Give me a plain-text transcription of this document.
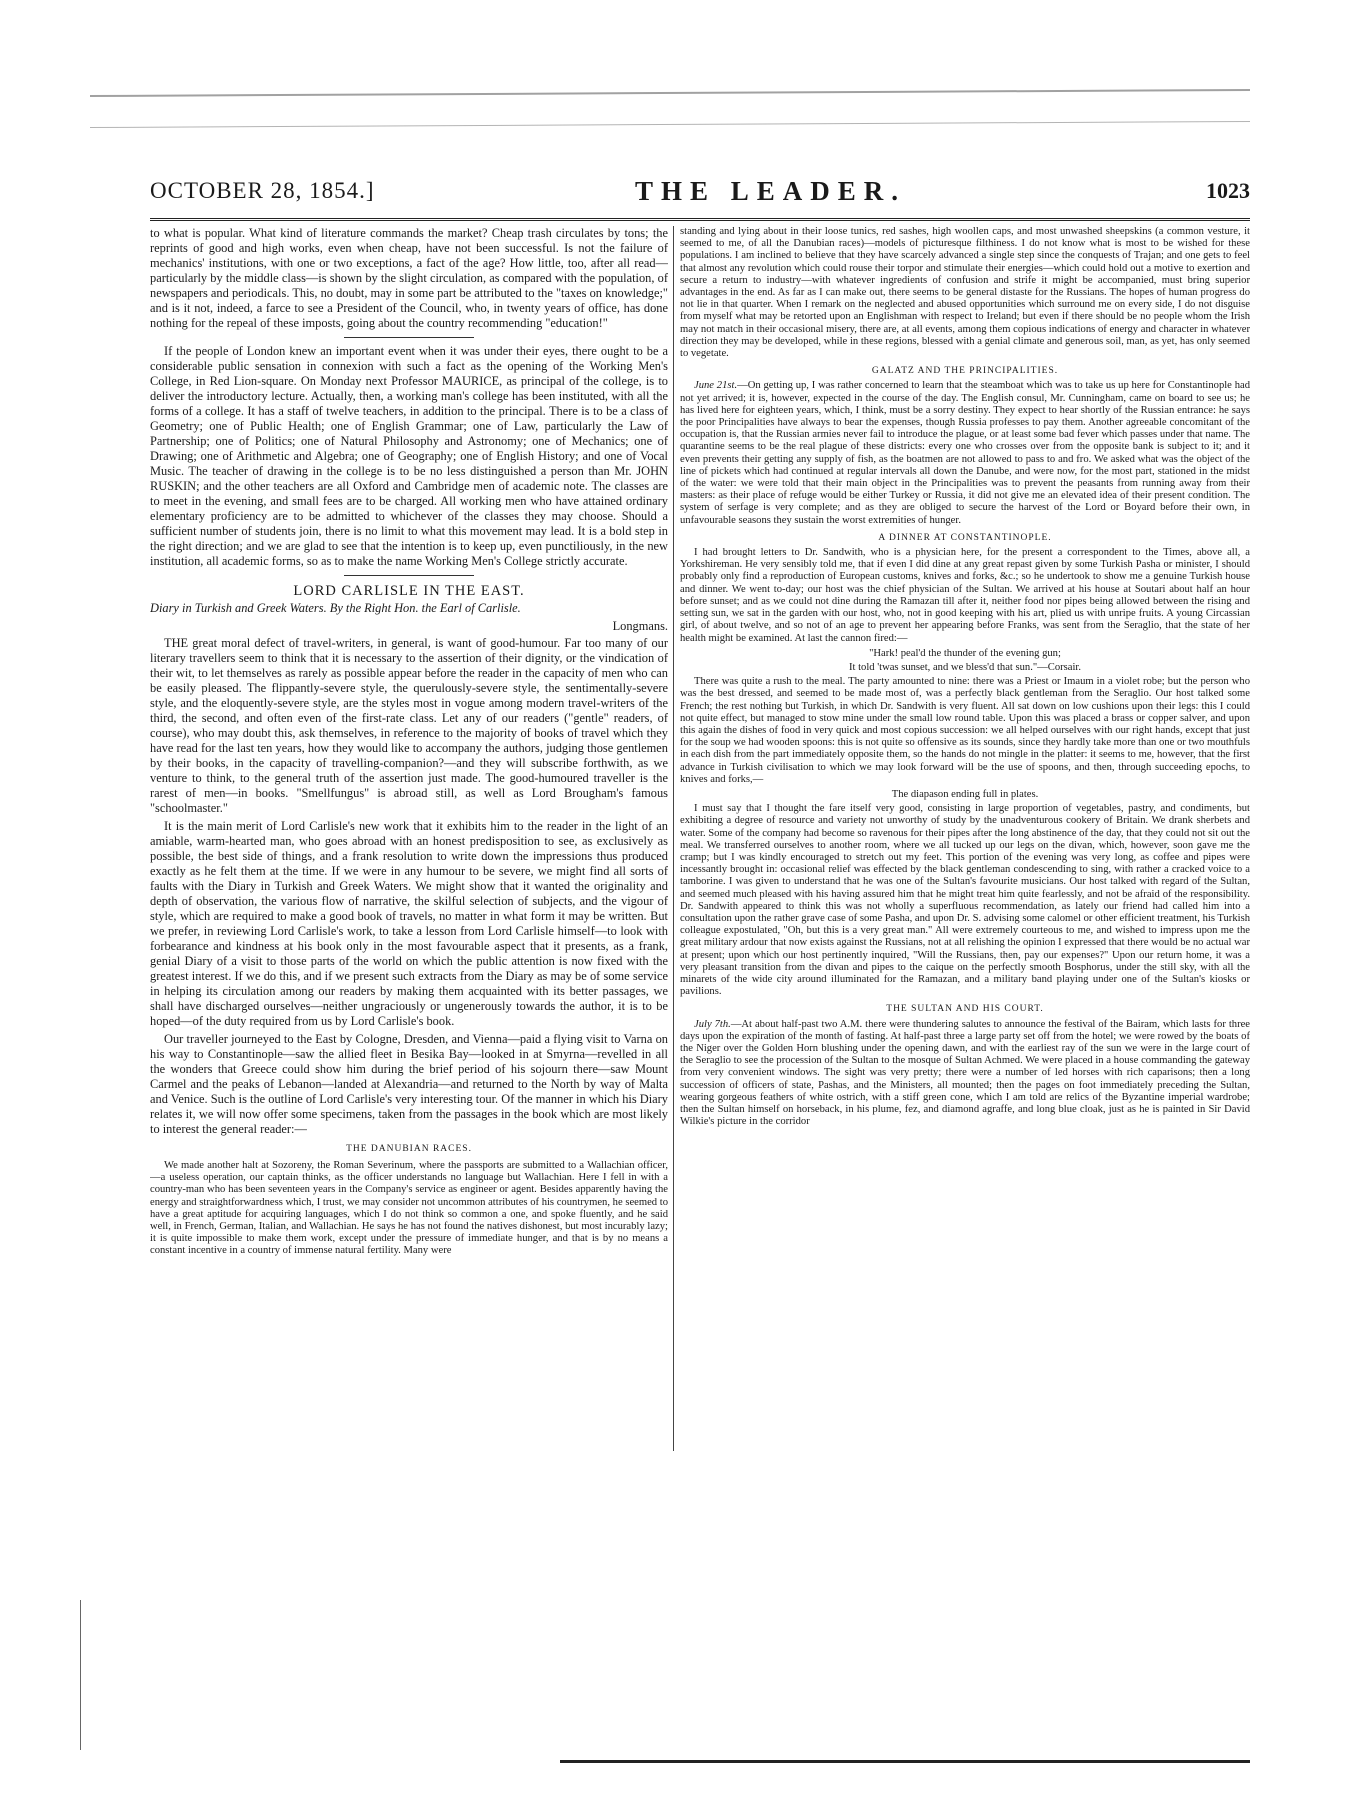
OCTOBER 28, 1854.]	THE LEADER.	1023

to what is popular. What kind of literature commands the market? Cheap trash circulates by tons; the reprints of good and high works, even when cheap, have not been successful. Is not the failure of mechanics' institutions, with one or two exceptions, a fact of the age? How little, too, after all read—particularly by the middle class—is shown by the slight circulation, as compared with the population, of newspapers and periodicals. This, no doubt, may in some part be attributed to the "taxes on knowledge;" and is it not, indeed, a farce to see a President of the Council, who, in twenty years of office, has done nothing for the repeal of these imposts, going about the country recommending "education!"

If the people of London knew an important event when it was under their eyes, there ought to be a considerable public sensation in connexion with such a fact as the opening of the Working Men's College, in Red Lion-square. On Monday next Professor MAURICE, as principal of the college, is to deliver the introductory lecture. Actually, then, a working man's college has been instituted, with all the forms of a college. It has a staff of twelve teachers, in addition to the principal. There is to be a class of Geometry; one of Public Health; one of English Grammar; one of Law, particularly the Law of Partnership; one of Politics; one of Natural Philosophy and Astronomy; one of Mechanics; one of Drawing; one of Arithmetic and Algebra; one of Geography; one of English History; and one of Vocal Music. The teacher of drawing in the college is to be no less distinguished a person than Mr. JOHN RUSKIN; and the other teachers are all Oxford and Cambridge men of academic note. The classes are to meet in the evening, and small fees are to be charged. All working men who have attained ordinary elementary proficiency are to be admitted to whichever of the classes they may choose. Should a sufficient number of students join, there is no limit to what this movement may lead. It is a bold step in the right direction; and we are glad to see that the intention is to keep up, even punctiliously, in the new institution, all academic forms, so as to make the name Working Men's College strictly accurate.

LORD CARLISLE IN THE EAST.

Diary in Turkish and Greek Waters. By the Right Hon. the Earl of Carlisle.

Longmans.

THE great moral defect of travel-writers, in general, is want of good-humour. Far too many of our literary travellers seem to think that it is necessary to the assertion of their dignity, or the vindication of their wit, to let themselves as rarely as possible appear before the reader in the capacity of men who can be easily pleased. The flippantly-severe style, the querulously-severe style, the sentimentally-severe style, and the eloquently-severe style, are the styles most in vogue among modern travel-writers of the third, the second, and often even of the first-rate class. Let any of our readers ("gentle" readers, of course), who may doubt this, ask themselves, in reference to the majority of books of travel which they have read for the last ten years, how they would like to accompany the authors, judging those gentlemen by their books, in the capacity of travelling-companion?—and they will subscribe forthwith, as we venture to think, to the general truth of the assertion just made. The good-humoured traveller is the rarest of men—in books. "Smellfungus" is abroad still, as well as Lord Brougham's famous "schoolmaster."

It is the main merit of Lord Carlisle's new work that it exhibits him to the reader in the light of an amiable, warm-hearted man, who goes abroad with an honest predisposition to see, as exclusively as possible, the best side of things, and a frank resolution to write down the impressions thus produced exactly as he felt them at the time. If we were in any humour to be severe, we might find all sorts of faults with the Diary in Turkish and Greek Waters. We might show that it wanted the originality and depth of observation, the various flow of narrative, the skilful selection of subjects, and the vigour of style, which are required to make a good book of travels, no matter in what form it may be written. But we prefer, in reviewing Lord Carlisle's work, to take a lesson from Lord Carlisle himself—to look with forbearance and kindness at his book only in the most favourable aspect that it presents, as a frank, genial Diary of a visit to those parts of the world on which the public attention is now fixed with the greatest interest. If we do this, and if we present such extracts from the Diary as may be of some service in helping its circulation among our readers by making them acquainted with its better passages, we shall have discharged ourselves—neither ungraciously or ungenerously towards the author, it is to be hoped—of the duty required from us by Lord Carlisle's book.

Our traveller journeyed to the East by Cologne, Dresden, and Vienna—paid a flying visit to Varna on his way to Constantinople—saw the allied fleet in Besika Bay—looked in at Smyrna—revelled in all the wonders that Greece could show him during the brief period of his sojourn there—saw Mount Carmel and the peaks of Lebanon—landed at Alexandria—and returned to the North by way of Malta and Venice. Such is the outline of Lord Carlisle's very interesting tour. Of the manner in which his Diary relates it, we will now offer some specimens, taken from the passages in the book which are most likely to interest the general reader:—

THE DANUBIAN RACES.

We made another halt at Sozoreny, the Roman Severinum, where the passports are submitted to a Wallachian officer,—a useless operation, our captain thinks, as the officer understands no language but Wallachian. Here I fell in with a country-man who has been seventeen years in the Company's service as engineer or agent. Besides apparently having the energy and straightforwardness which, I trust, we may consider not uncommon attributes of his countrymen, he seemed to have a great aptitude for acquiring languages, which I do not think so common a one, and spoke fluently, and he said well, in French, German, Italian, and Wallachian. He says he has not found the natives dishonest, but most incurably lazy; it is quite impossible to make them work, except under the pressure of immediate hunger, and that is by no means a constant incentive in a country of immense natural fertility. Many were

standing and lying about in their loose tunics, red sashes, high woollen caps, and most unwashed sheepskins (a common vesture, it seemed to me, of all the Danubian races)—models of picturesque filthiness. I do not know what is most to be wished for these populations. I am inclined to believe that they have scarcely advanced a single step since the conquests of Trajan; and one gets to feel that almost any revolution which could rouse their torpor and stimulate their energies—which could hold out a motive to exertion and secure a return to industry—with whatever ingredients of confusion and strife it might be accompanied, must bring superior advantages in the end. As far as I can make out, there seems to be general distaste for the Russians. The hopes of human progress do not lie in that quarter. When I remark on the neglected and abused opportunities which surround me on every side, I do not disguise from myself what may be retorted upon an Englishman with respect to Ireland; but even if there should be no people whom the Irish may not match in their occasional misery, there are, at all events, among them copious indications of energy and character in whatever direction they may be developed, while in these regions, blessed with a genial climate and generous soil, man, as yet, has only seemed to vegetate.

GALATZ AND THE PRINCIPALITIES.

June 21st.—On getting up, I was rather concerned to learn that the steamboat which was to take us up here for Constantinople had not yet arrived; it is, however, expected in the course of the day. The English consul, Mr. Cunningham, came on board to see us; he has lived here for eighteen years, which, I think, must be a sorry destiny. They expect to hear shortly of the Russian entrance: he says the poor Principalities have always to bear the expenses, though Russia professes to pay them. Another agreeable concomitant of the occupation is, that the Russian armies never fail to introduce the plague, or at least some bad fever which passes under that name. The quarantine seems to be the real plague of these districts: every one who crosses over from the opposite bank is subject to it; and it even prevents their getting any supply of fish, as the boatmen are not allowed to pass to and fro. We asked what was the object of the line of pickets which had continued at regular intervals all down the Danube, and were now, for the most part, stationed in the midst of the water: we were told that their main object in the Principalities was to prevent the peasants from running away from their masters: as their place of refuge would be either Turkey or Russia, it did not give me an elevated idea of their present condition. The system of serfage is very complete; and as they are obliged to secure the harvest of the Lord or Boyard before their own, in unfavourable seasons they sustain the worst extremities of hunger.

A DINNER AT CONSTANTINOPLE.

I had brought letters to Dr. Sandwith, who is a physician here, for the present a correspondent to the Times, above all, a Yorkshireman. He very sensibly told me, that if even I did dine at any great repast given by some Turkish Pasha or minister, I should probably only find a reproduction of European customs, knives and forks, &c.; so he undertook to show me a genuine Turkish house and dinner. We went to-day; our host was the chief physician of the Sultan. We arrived at his house at Soutari about half an hour before sunset; and as we could not dine during the Ramazan till after it, neither food nor pipes being allowed between the rising and setting sun, we sat in the garden with our host, who, not in good keeping with his art, plied us with unripe fruits. A young Circassian girl, of about twelve, and so not of an age to prevent her appearing before Franks, was sent from the Seraglio, that the state of her health might be examined. At last the cannon fired:—

"Hark! peal'd the thunder of the evening gun;
It told 'twas sunset, and we bless'd that sun."—Corsair.

There was quite a rush to the meal. The party amounted to nine: there was a Priest or Imaum in a violet robe; but the person who was the best dressed, and seemed to be made most of, was a perfectly black gentleman from the Seraglio. Our host talked some French; the rest nothing but Turkish, in which Dr. Sandwith is very fluent. All sat down on low cushions upon their legs: this I could not quite effect, but managed to stow mine under the small low round table. Upon this was placed a brass or copper salver, and upon this again the dishes of food in very quick and most copious succession: we all helped ourselves with our right hands, except that just for the soup we had wooden spoons: this is not quite so offensive as its sounds, since they hardly take more than one or two mouthfuls in each dish from the part immediately opposite them, so the hands do not mingle in the platter: it seems to me, however, that the first advance in Turkish civilisation to which we may look forward will be the use of spoons, and then, through succeeding epochs, to knives and forks,—

The diapason ending full in plates.

I must say that I thought the fare itself very good, consisting in large proportion of vegetables, pastry, and condiments, but exhibiting a degree of resource and variety not unworthy of study by the unadventurous cookery of Britain. We drank sherbets and water. Some of the company had become so ravenous for their pipes after the long abstinence of the day, that they could not sit out the meal. We transferred ourselves to another room, where we all tucked up our legs on the divan, which, however, soon gave me the cramp; but I was kindly encouraged to stretch out my feet. This portion of the evening was very long, as coffee and pipes were incessantly brought in: occasional relief was effected by the black gentleman condescending to sing, with rather a cracked voice to a tamborine. I was given to understand that he was one of the Sultan's favourite musicians. Our host talked with regard of the Sultan, and seemed much pleased with his having assured him that he might treat him quite fearlessly, and not be afraid of the responsibility. Dr. Sandwith appeared to think this was not wholly a superfluous recommendation, as lately our friend had called him into a consultation upon the rather grave case of some Pasha, and upon Dr. S. advising some calomel or other efficient treatment, his Turkish colleague expostulated, "Oh, but this is a very great man." All were extremely courteous to me, and wished to impress upon me the great military ardour that now exists against the Russians, not at all relishing the opinion I expressed that there would be no actual war at present; upon which our host pertinently inquired, "Will the Russians, then, pay our expenses?" Upon our return home, it was a very pleasant transition from the divan and pipes to the caique on the perfectly smooth Bosphorus, under the still sky, with all the minarets of the wide city around illuminated for the Ramazan, and a military band playing under one of the Sultan's kiosks or pavilions.

THE SULTAN AND HIS COURT.

July 7th.—At about half-past two A.M. there were thundering salutes to announce the festival of the Bairam, which lasts for three days upon the expiration of the month of fasting. At half-past three a large party set off from the hotel; we were rowed by the boats of the Niger over the Golden Horn blushing under the opening dawn, and with the earliest ray of the sun we were in the large court of the Seraglio to see the procession of the Sultan to the mosque of Sultan Achmed. We were placed in a house commanding the gateway from very convenient windows. The sight was very pretty; there were a number of led horses with rich caparisons; then a long succession of officers of state, Pashas, and the Ministers, all mounted; then the pages on foot immediately preceding the Sultan, wearing gorgeous feathers of white ostrich, with a stiff green cone, which I am told are relics of the Byzantine imperial wardrobe; then the Sultan himself on horseback, in his plume, fez, and diamond agraffe, and long blue cloak, just as he is painted in Sir David Wilkie's picture in the corridor
